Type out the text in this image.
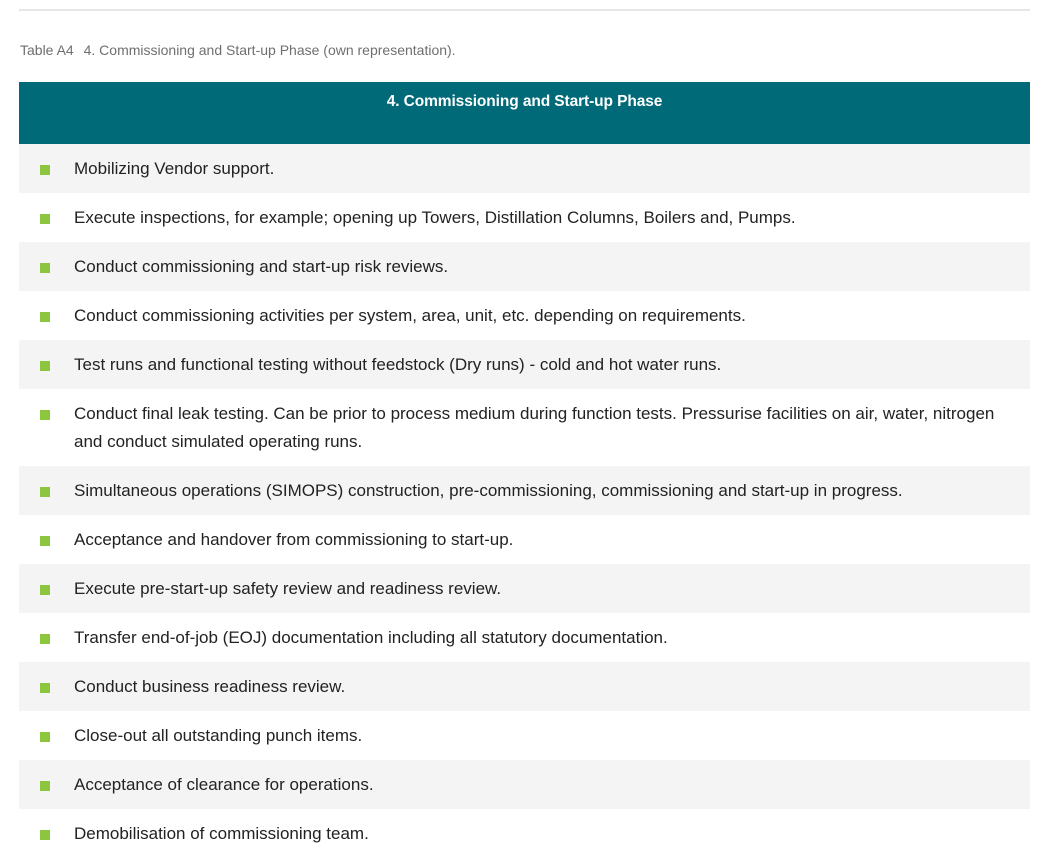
Table A4 4. Commissioning and Start-up Phase (own representation).
4. Commissioning and Start-up Phase
Mobilizing Vendor support.
Execute inspections, for example; opening up Towers, Distillation Columns, Boilers and, Pumps.
Conduct commissioning and start-up risk reviews.
Conduct commissioning activities per system, area, unit, etc. depending on requirements.
Test runs and functional testing without feedstock (Dry runs) - cold and hot water runs.
Conduct final leak testing. Can be prior to process medium during function tests. Pressurise facilities on air, water, nitrogen and conduct simulated operating runs.
Simultaneous operations (SIMOPS) construction, pre-commissioning, commissioning and start-up in progress.
Acceptance and handover from commissioning to start-up.
Execute pre-start-up safety review and readiness review.
Transfer end-of-job (EOJ) documentation including all statutory documentation.
Conduct business readiness review.
Close-out all outstanding punch items.
Acceptance of clearance for operations.
Demobilisation of commissioning team.
